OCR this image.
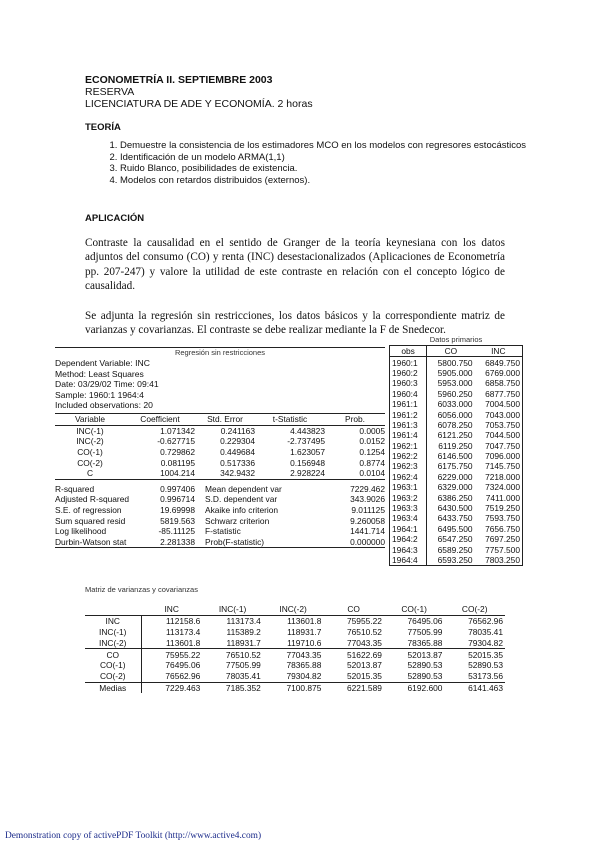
ECONOMETRÍA II. SEPTIEMBRE 2003
RESERVA
LICENCIATURA DE ADE Y ECONOMÍA. 2 horas
TEORÍA
1. Demuestre la consistencia de los estimadores MCO en los modelos con regresores estocásticos
2. Identificación de un modelo ARMA(1,1)
3. Ruido Blanco, posibilidades de existencia.
4. Modelos con retardos distribuidos (externos).
APLICACIÓN
Contraste la causalidad en el sentido de Granger de la teoría keynesiana con los datos adjuntos del consumo (CO) y renta (INC) desestacionalizados (Aplicaciones de Econometría pp. 207-247) y valore la utilidad de este contraste en relación con el concepto lógico de causalidad.
Se adjunta la regresión sin restricciones, los datos básicos y la correspondiente matriz de varianzas y covarianzas. El contraste se debe realizar mediante la F de Snedecor.
Regresión sin restricciones
Dependent Variable: INC
Method: Least Squares
Date: 03/29/02 Time: 09:41
Sample: 1960:1 1964:4
Included observations: 20
Variable	Coefficient	Std. Error	t-Statistic	Prob.
INC(-1)	1.071342	0.241163	4.443823	0.0005
INC(-2)	-0.627715	0.229304	-2.737495	0.0152
CO(-1)	0.729862	0.449684	1.623057	0.1254
CO(-2)	0.081195	0.517336	0.156948	0.8774
C	1004.214	342.9432	2.928224	0.0104
R-squared	0.997406	Mean dependent var	7229.462
Adjusted R-squared	0.996714	S.D. dependent var	343.9026
S.E. of regression	19.69998	Akaike info criterion	9.011125
Sum squared resid	5819.563	Schwarz criterion	9.260058
Log likelihood	-85.11125	F-statistic	1441.714
Durbin-Watson stat	2.281338	Prob(F-statistic)	0.000000
Datos primarios
obs	CO	INC
1960:1	5800.750	6849.750
1960:2	5905.000	6769.000
1960:3	5953.000	6858.750
1960:4	5960.250	6877.750
1961:1	6033.000	7004.500
1961:2	6056.000	7043.000
1961:3	6078.250	7053.750
1961:4	6121.250	7044.500
1962:1	6119.250	7047.750
1962:2	6146.500	7096.000
1962:3	6175.750	7145.750
1962:4	6229.000	7218.000
1963:1	6329.000	7324.000
1963:2	6386.250	7411.000
1963:3	6430.500	7519.250
1963:4	6433.750	7593.750
1964:1	6495.500	7656.750
1964:2	6547.250	7697.250
1964:3	6589.250	7757.500
1964:4	6593.250	7803.250
Matriz de varianzas y covarianzas
	INC	INC(-1)	INC(-2)	CO	CO(-1)	CO(-2)
INC	112158.6	113173.4	113601.8	75955.22	76495.06	76562.96
INC(-1)	113173.4	115389.2	118931.7	76510.52	77505.99	78035.41
INC(-2)	113601.8	118931.7	119710.6	77043.35	78365.88	79304.82
CO	75955.22	76510.52	77043.35	51622.69	52013.87	52015.35
CO(-1)	76495.06	77505.99	78365.88	52013.87	52890.53	52890.53
CO(-2)	76562.96	78035.41	79304.82	52015.35	52890.53	53173.56
Medias	7229.463	7185.352	7100.875	6221.589	6192.600	6141.463
Demonstration copy of activePDF Toolkit (http://www.active4.com)
